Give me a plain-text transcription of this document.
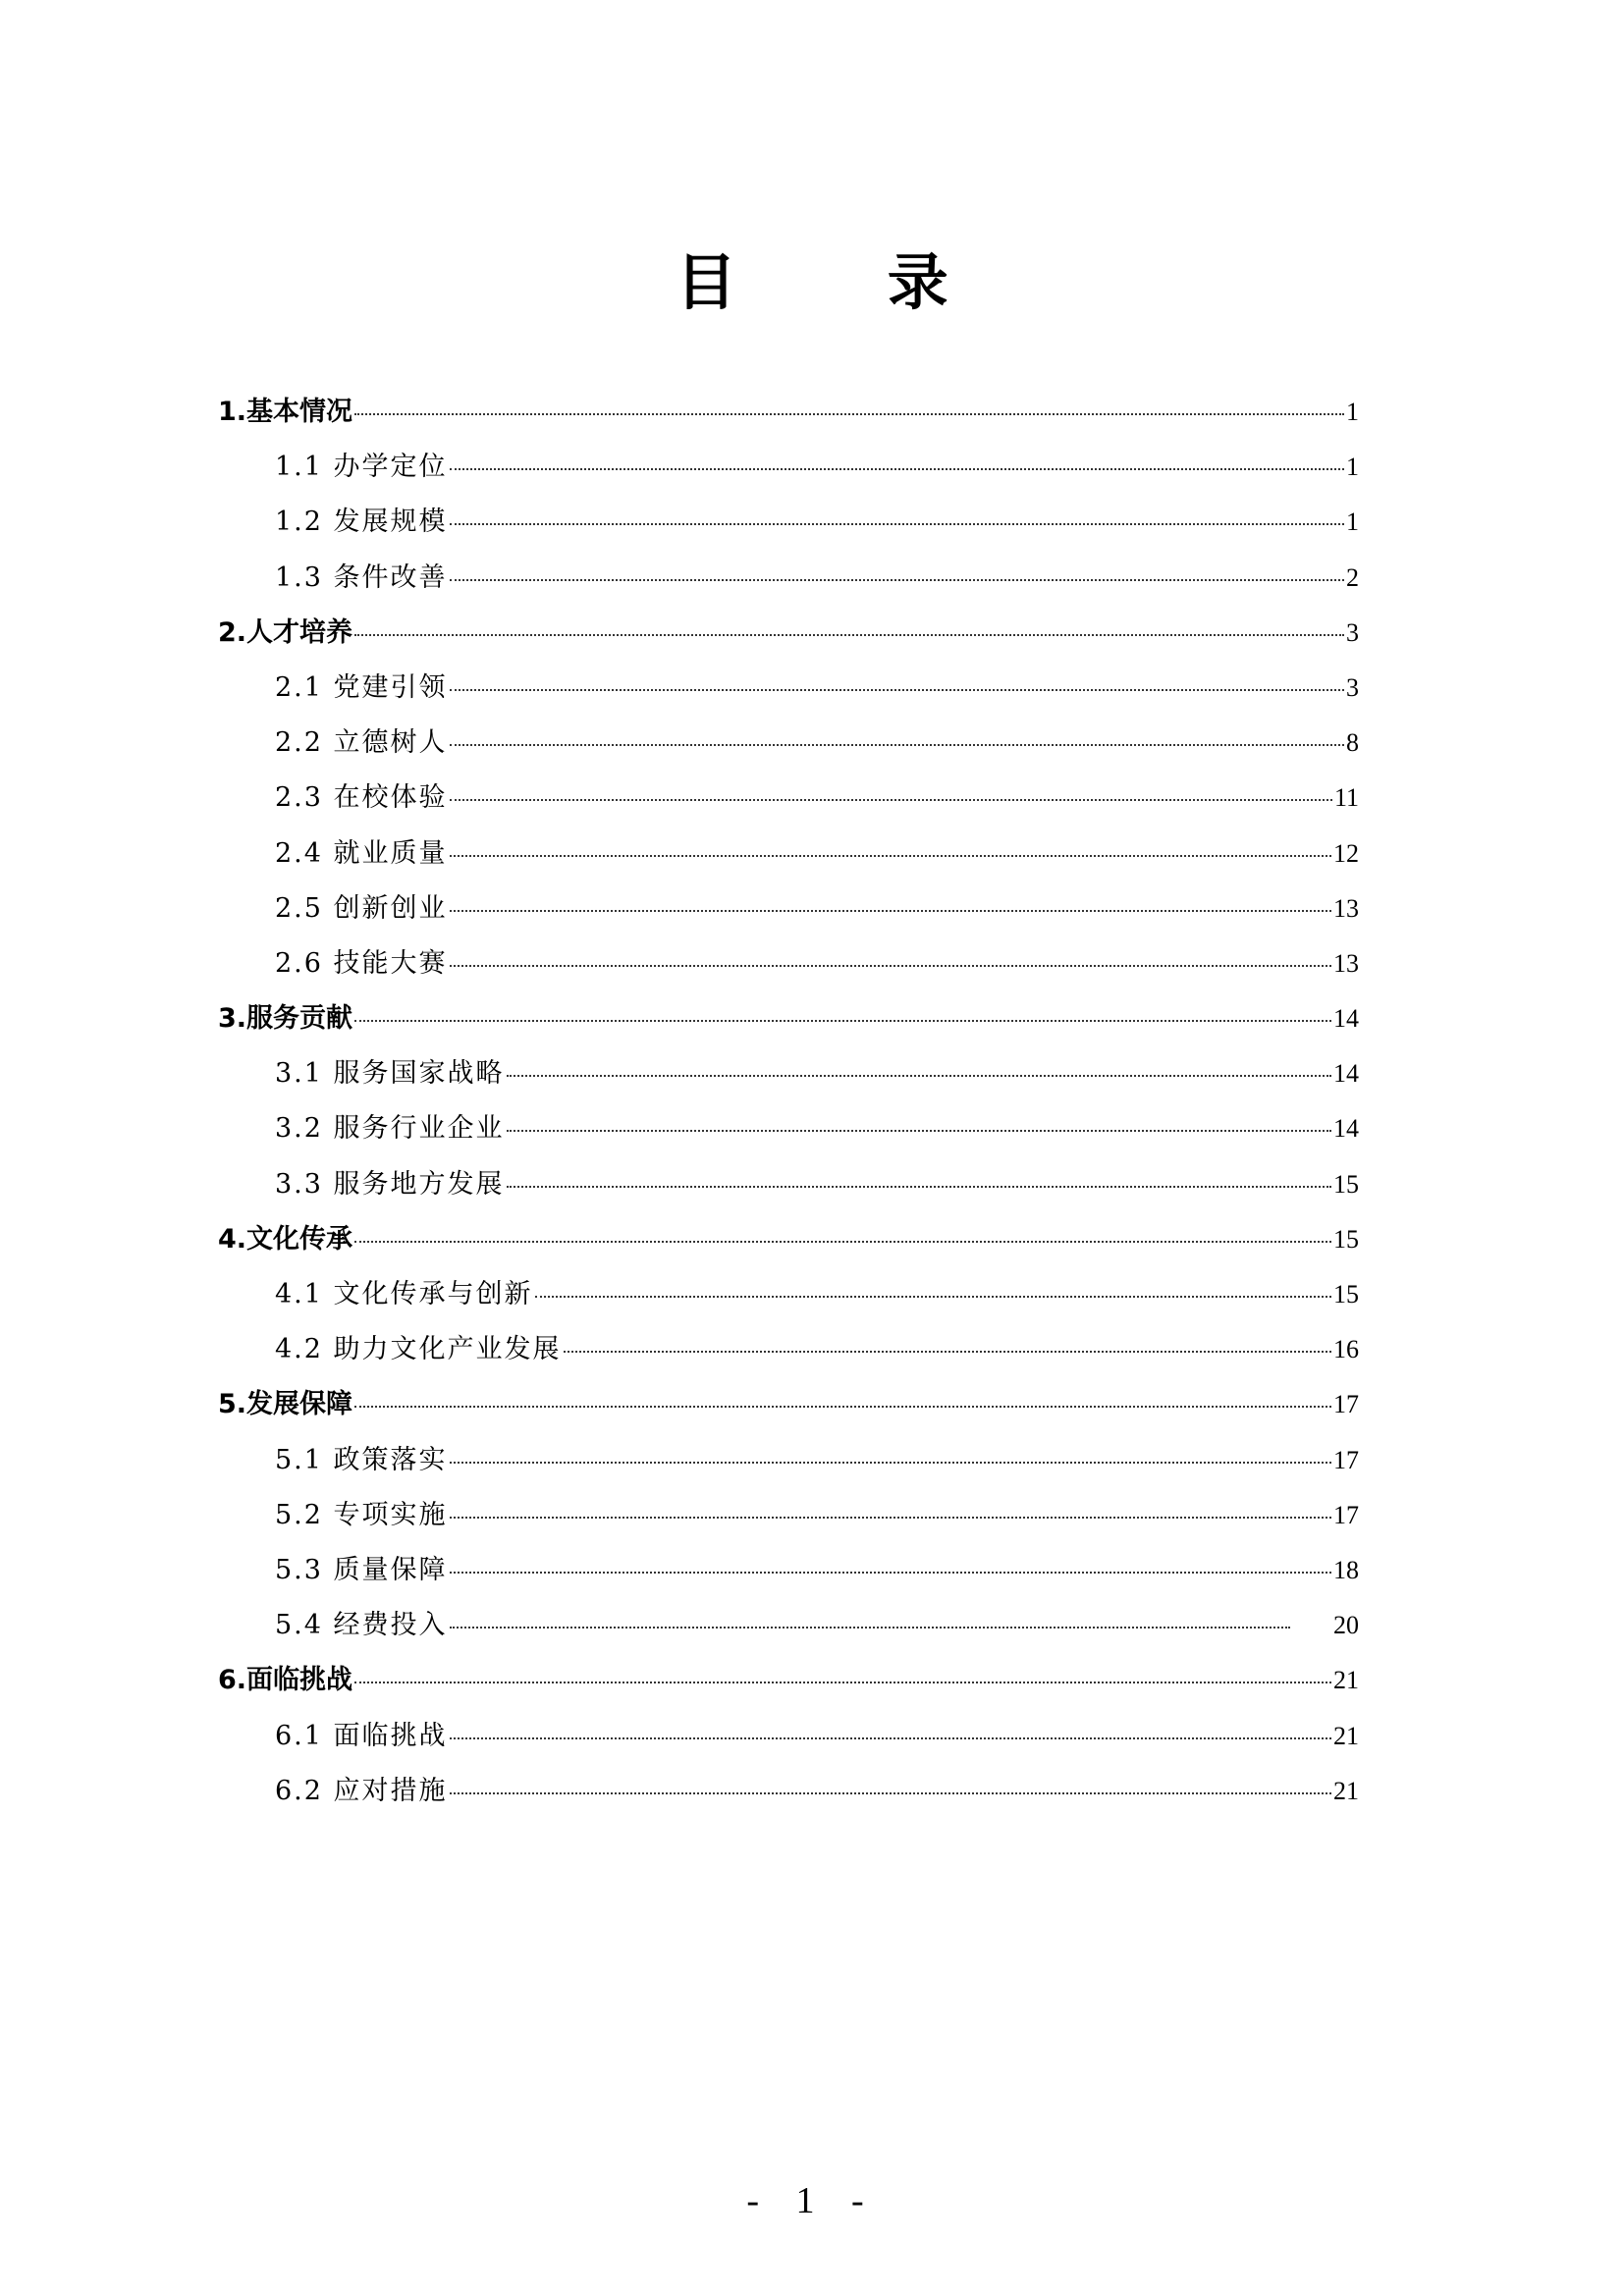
目 录
1.基本情况	1
1.1 办学定位	1
1.2 发展规模	1
1.3 条件改善	2
2.人才培养	3
2.1 党建引领	3
2.2 立德树人	8
2.3 在校体验	11
2.4 就业质量	12
2.5 创新创业	13
2.6 技能大赛	13
3.服务贡献	14
3.1 服务国家战略	14
3.2 服务行业企业	14
3.3 服务地方发展	15
4.文化传承	15
4.1 文化传承与创新	15
4.2 助力文化产业发展	16
5.发展保障	17
5.1 政策落实	17
5.2 专项实施	17
5.3 质量保障	18
5.4 经费投入	20
6.面临挑战	21
6.1 面临挑战	21
6.2 应对措施	21
- 1 -
